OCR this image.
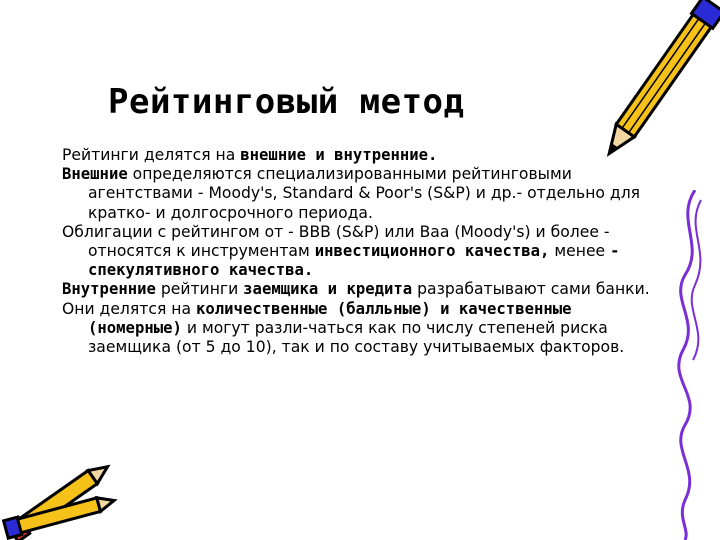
Рейтинговый метод

Рейтинги делятся на внешние и внутренние.

Внешние определяются специализированными рейтинговыми агентствами - Moody's, Standard & Poor's (S&P) и др.- отдельно для кратко- и долгосрочного периода.

Облигации с рейтингом от - BBB (S&P) или Baa (Moody's) и более - относятся к инструментам инвестиционного качества, менее - спекулятивного качества.

Внутренние рейтинги заемщика и кредита разрабатывают сами банки.

Они делятся на количественные (балльные) и качественные (номерные) и могут разли-чаться как по числу степеней риска заемщика (от 5 до 10), так и по составу учитываемых факторов.
